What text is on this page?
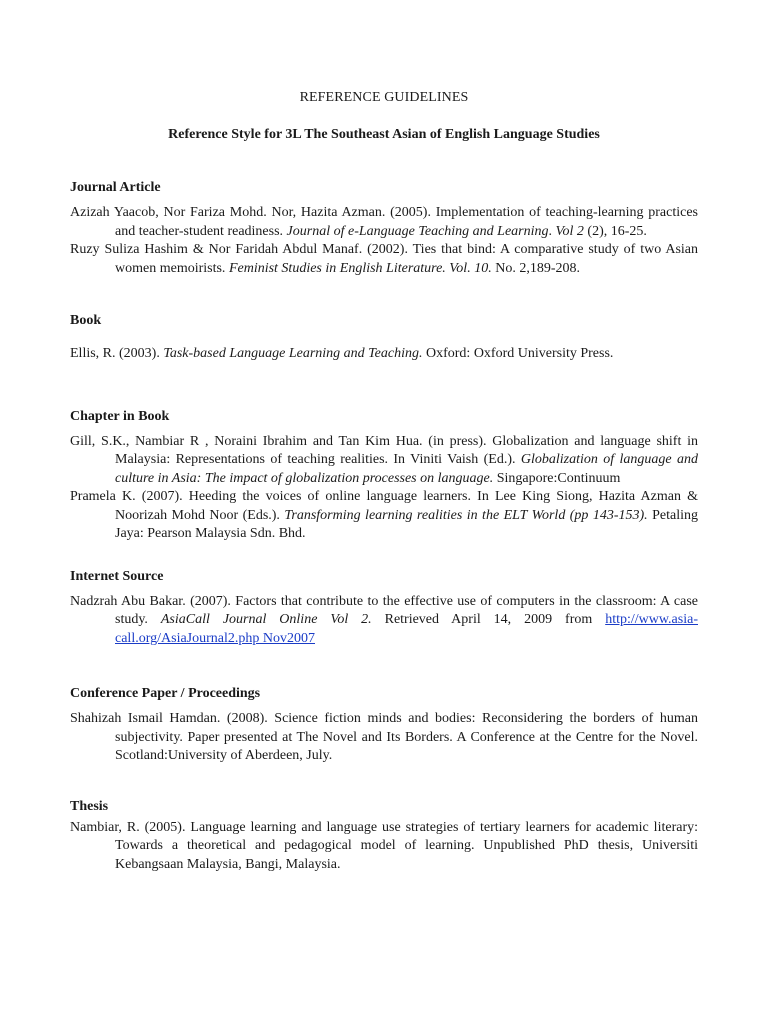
REFERENCE GUIDELINES

Reference Style for 3L The Southeast Asian of English Language Studies

Journal Article

Azizah Yaacob, Nor Fariza Mohd. Nor, Hazita Azman. (2005). Implementation of teaching-learning practices and teacher-student readiness. Journal of e-Language Teaching and Learning. Vol 2 (2), 16-25.

Ruzy Suliza Hashim & Nor Faridah Abdul Manaf. (2002). Ties that bind: A comparative study of two Asian women memoirists. Feminist Studies in English Literature. Vol. 10. No. 2,189-208.

Book

Ellis, R. (2003). Task-based Language Learning and Teaching. Oxford: Oxford University Press.

Chapter in Book

Gill, S.K., Nambiar R , Noraini Ibrahim and Tan Kim Hua. (in press). Globalization and language shift in Malaysia: Representations of teaching realities. In Viniti Vaish (Ed.). Globalization of language and culture in Asia: The impact of globalization processes on language. Singapore:Continuum

Pramela K. (2007). Heeding the voices of online language learners. In Lee King Siong, Hazita Azman & Noorizah Mohd Noor (Eds.). Transforming learning realities in the ELT World (pp 143-153). Petaling Jaya: Pearson Malaysia Sdn. Bhd.

Internet Source

Nadzrah Abu Bakar. (2007). Factors that contribute to the effective use of computers in the classroom: A case study. AsiaCall Journal Online Vol 2. Retrieved April 14, 2009 from http://www.asia-call.org/AsiaJournal2.php Nov2007

Conference Paper / Proceedings

Shahizah Ismail Hamdan. (2008). Science fiction minds and bodies: Reconsidering the borders of human subjectivity. Paper presented at The Novel and Its Borders. A Conference at the Centre for the Novel. Scotland:University of Aberdeen, July.

Thesis

Nambiar, R. (2005). Language learning and language use strategies of tertiary learners for academic literary: Towards a theoretical and pedagogical model of learning. Unpublished PhD thesis, Universiti Kebangsaan Malaysia, Bangi, Malaysia.
